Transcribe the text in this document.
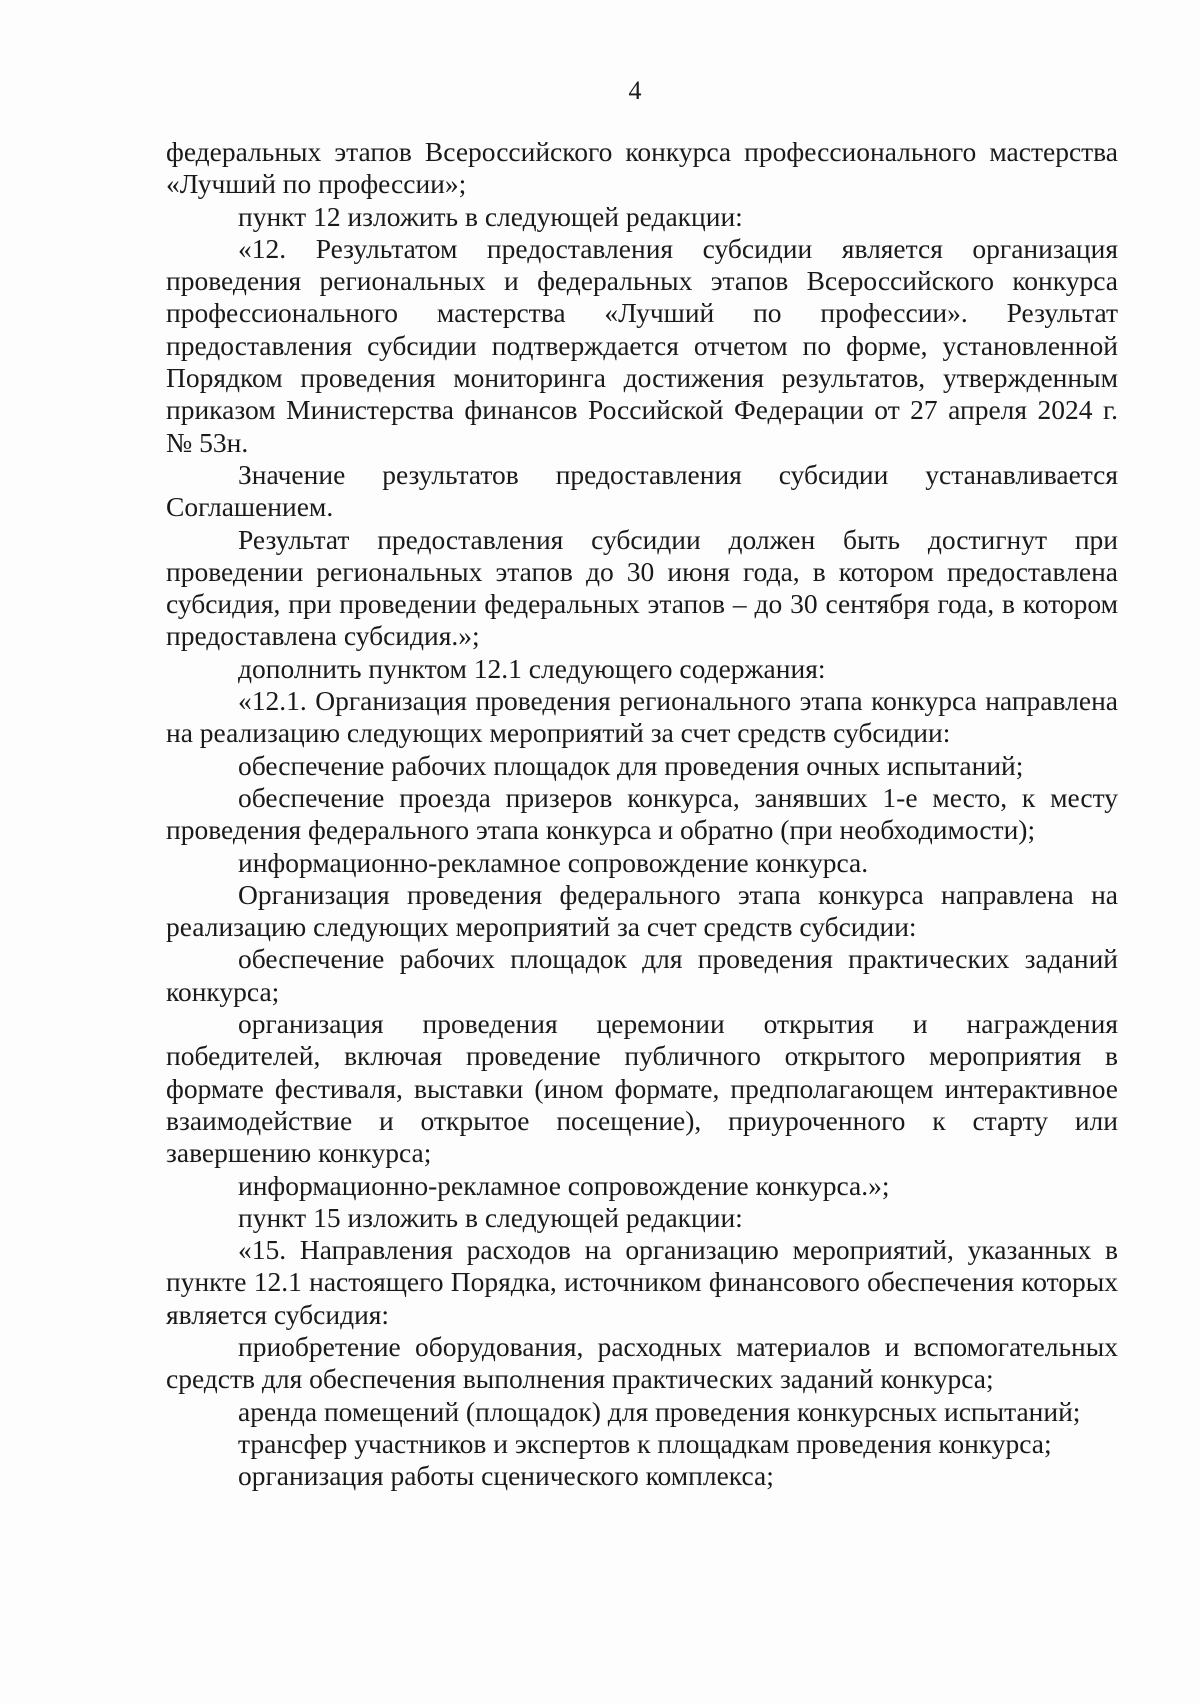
4

федеральных этапов Всероссийского конкурса профессионального мастерства «Лучший по профессии»;

пункт 12 изложить в следующей редакции:

«12. Результатом предоставления субсидии является организация проведения региональных и федеральных этапов Всероссийского конкурса профессионального мастерства «Лучший по профессии». Результат предоставления субсидии подтверждается отчетом по форме, установленной Порядком проведения мониторинга достижения результатов, утвержденным приказом Министерства финансов Российской Федерации от 27 апреля 2024 г. № 53н.

Значение результатов предоставления субсидии устанавливается Соглашением.

Результат предоставления субсидии должен быть достигнут при проведении региональных этапов до 30 июня года, в котором предоставлена субсидия, при проведении федеральных этапов – до 30 сентября года, в котором предоставлена субсидия.»;

дополнить пунктом 12.1 следующего содержания:

«12.1. Организация проведения регионального этапа конкурса направлена на реализацию следующих мероприятий за счет средств субсидии:

обеспечение рабочих площадок для проведения очных испытаний;

обеспечение проезда призеров конкурса, занявших 1-е место, к месту проведения федерального этапа конкурса и обратно (при необходимости);

информационно-рекламное сопровождение конкурса.

Организация проведения федерального этапа конкурса направлена на реализацию следующих мероприятий за счет средств субсидии:

обеспечение рабочих площадок для проведения практических заданий конкурса;

организация проведения церемонии открытия и награждения победителей, включая проведение публичного открытого мероприятия в формате фестиваля, выставки (ином формате, предполагающем интерактивное взаимодействие и открытое посещение), приуроченного к старту или завершению конкурса;

информационно-рекламное сопровождение конкурса.»;

пункт 15 изложить в следующей редакции:

«15. Направления расходов на организацию мероприятий, указанных в пункте 12.1 настоящего Порядка, источником финансового обеспечения которых является субсидия:

приобретение оборудования, расходных материалов и вспомогательных средств для обеспечения выполнения практических заданий конкурса;

аренда помещений (площадок) для проведения конкурсных испытаний;

трансфер участников и экспертов к площадкам проведения конкурса;

организация работы сценического комплекса;
